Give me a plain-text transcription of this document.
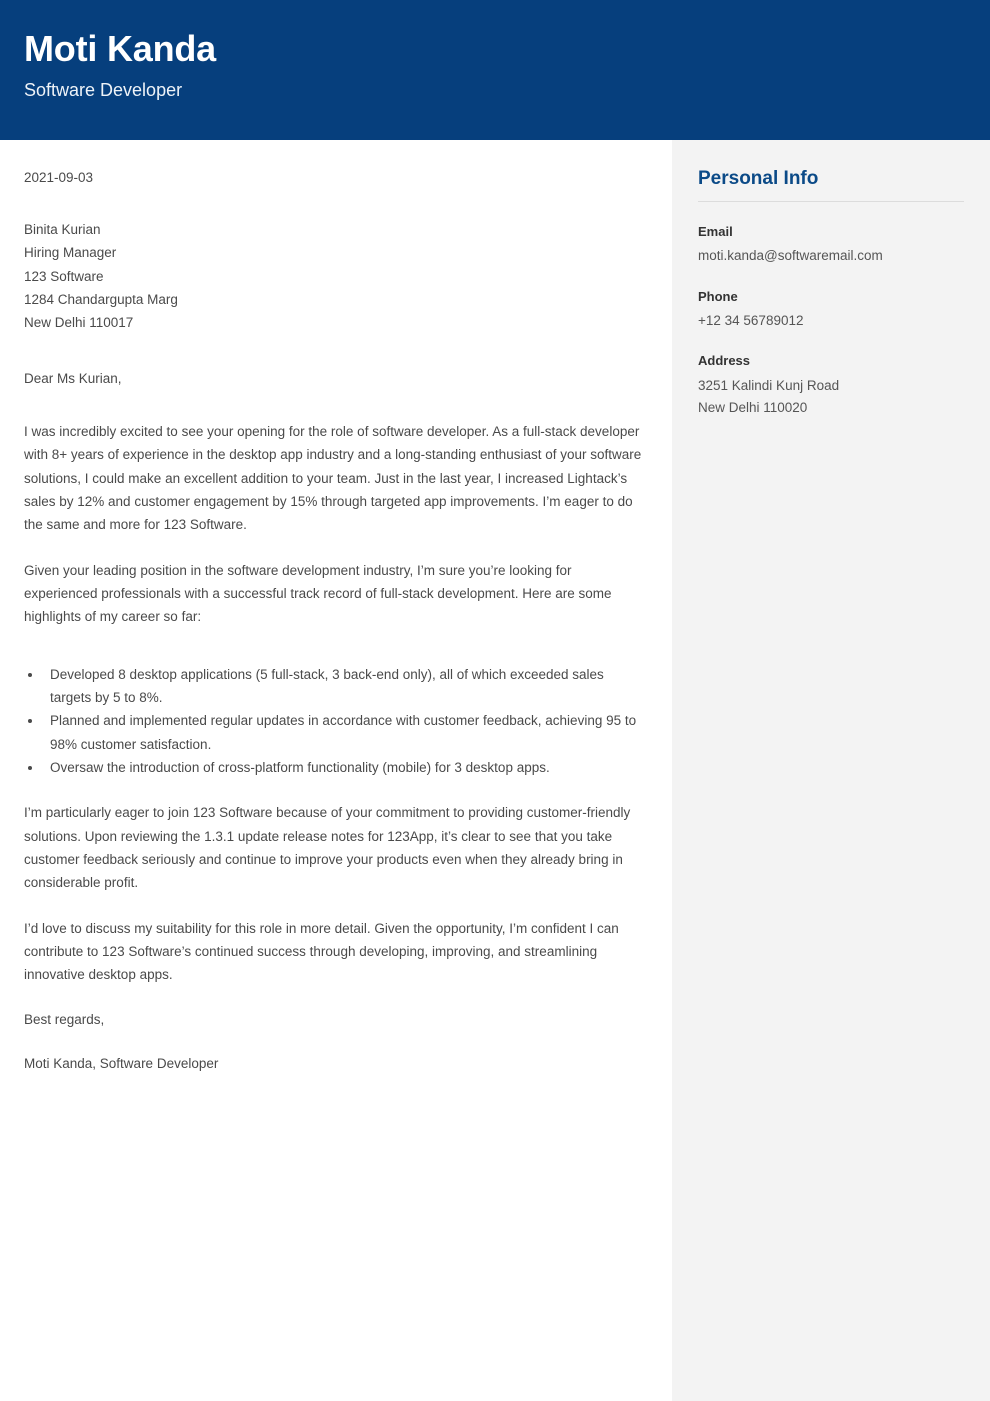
Moti Kanda
Software Developer
2021-09-03
Binita Kurian
Hiring Manager
123 Software
1284 Chandargupta Marg
New Delhi 110017
Dear Ms Kurian,

I was incredibly excited to see your opening for the role of software developer. As a full-stack developer with 8+ years of experience in the desktop app industry and a long-standing enthusiast of your software solutions, I could make an excellent addition to your team. Just in the last year, I increased Lightack’s sales by 12% and customer engagement by 15% through targeted app improvements. I’m eager to do the same and more for 123 Software.

Given your leading position in the software development industry, I’m sure you’re looking for experienced professionals with a successful track record of full-stack development. Here are some highlights of my career so far:

Developed 8 desktop applications (5 full-stack, 3 back-end only), all of which exceeded sales targets by 5 to 8%.
Planned and implemented regular updates in accordance with customer feedback, achieving 95 to 98% customer satisfaction.
Oversaw the introduction of cross-platform functionality (mobile) for 3 desktop apps.

I’m particularly eager to join 123 Software because of your commitment to providing customer-friendly solutions. Upon reviewing the 1.3.1 update release notes for 123App, it’s clear to see that you take customer feedback seriously and continue to improve your products even when they already bring in considerable profit.

I’d love to discuss my suitability for this role in more detail. Given the opportunity, I’m confident I can contribute to 123 Software’s continued success through developing, improving, and streamlining innovative desktop apps.

Best regards,
Moti Kanda, Software Developer
Personal Info
Email
moti.kanda@softwaremail.com
Phone
+12 34 56789012
Address
3251 Kalindi Kunj Road
New Delhi 110020
